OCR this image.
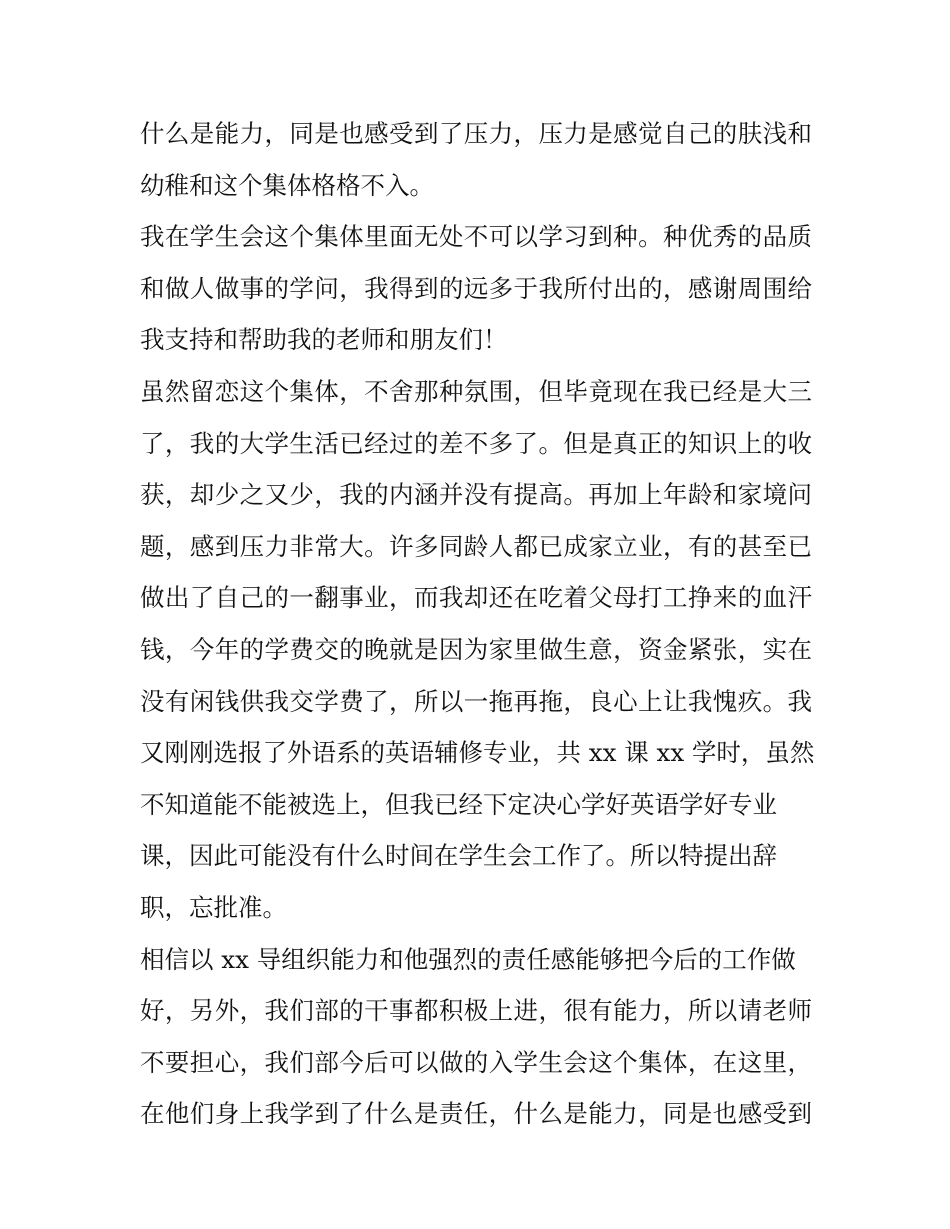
什么是能力，同是也感受到了压力，压力是感觉自己的肤浅和
幼稚和这个集体格格不入。
我在学生会这个集体里面无处不可以学习到种。种优秀的品质
和做人做事的学问，我得到的远多于我所付出的，感谢周围给
我支持和帮助我的老师和朋友们！
虽然留恋这个集体，不舍那种氛围，但毕竟现在我已经是大三
了，我的大学生活已经过的差不多了。但是真正的知识上的收
获，却少之又少，我的内涵并没有提高。再加上年龄和家境问
题，感到压力非常大。许多同龄人都已成家立业，有的甚至已
做出了自己的一翻事业，而我却还在吃着父母打工挣来的血汗
钱，今年的学费交的晚就是因为家里做生意，资金紧张，实在
没有闲钱供我交学费了，所以一拖再拖，良心上让我愧疚。我
又刚刚选报了外语系的英语辅修专业，共 xx 课 xx 学时，虽然
不知道能不能被选上，但我已经下定决心学好英语学好专业
课，因此可能没有什么时间在学生会工作了。所以特提出辞
职，忘批准。
相信以 xx 导组织能力和他强烈的责任感能够把今后的工作做
好，另外，我们部的干事都积极上进，很有能力，所以请老师
不要担心，我们部今后可以做的入学生会这个集体，在这里，
在他们身上我学到了什么是责任，什么是能力，同是也感受到
